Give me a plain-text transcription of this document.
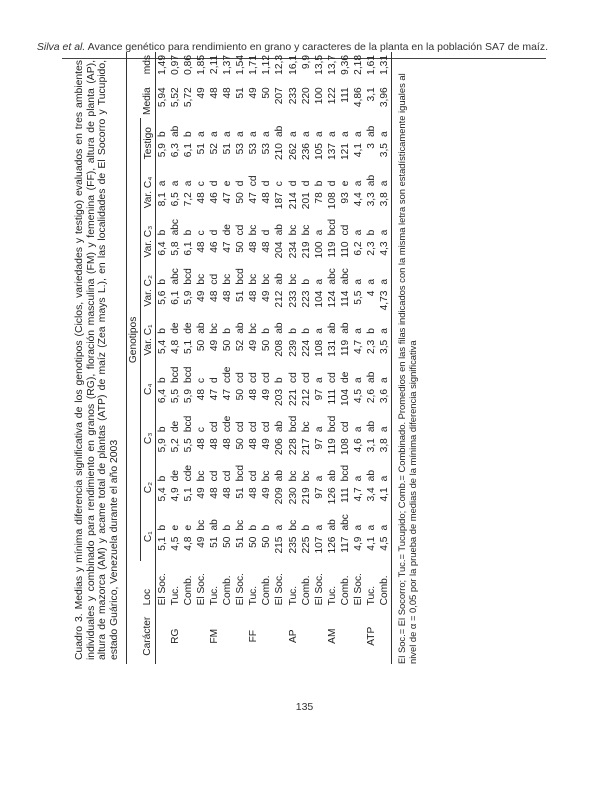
Silva et al. Avance genético para rendimiento en grano y caracteres de la planta en la población SA7 de maíz.

Cuadro 3. Medias y mínima diferencia significativa de los genotipos (Ciclos, variedades y testigo) evaluados en tres ambientes individuales y combinado para rendimiento en granos (RG), floración masculina (FM) y femenina (FF), altura de planta (AP), altura de mazorca (AM) y acame total de plantas (ATP) de maíz (Zea mays L.), en las localidades de El Socorro y Tucupido, estado Guárico, Venezuela durante el año 2003

		Genotipos																			
Carácter	Loc	C₁		C₂		C₃		C₄		Var. C₁		Var. C₂		Var. C₃		Var. C₄		Testigo		Media	mds
	El Soc.	5,1	b	5,4	b	5,9	b	6,4	b	5,4	b	5,6	b	6,4	b	8,1	a	5,9	b	5,94	1,49
RG	Tuc.	4,5	e	4,9	de	5,2	de	5,5	bcd	4,8	de	6,1	abc	5,8	abc	6,5	a	6,3	ab	5,52	0,97
	Comb.	4,8	e	5,1	cde	5,5	bcd	5,9	bcd	5,1	de	5,9	bcd	6,1	b	7,2	a	6,1	b	5,72	0,86
	El Soc.	49	bc	49	bc	48	c	48	c	50	ab	49	bc	48	c	48	c	51	a	49	1,85
FM	Tuc.	51	ab	48	cd	48	cd	47	d	49	bc	48	cd	46	d	46	d	52	a	48	2,11
	Comb.	50	b	48	cd	48	cde	47	cde	50	b	48	bc	47	de	47	e	51	a	48	1,37
	El Soc.	51	bc	51	bcd	50	cd	50	cd	52	ab	51	bcd	50	cd	50	d	53	a	51	1,54
FF	Tuc.	50	b	48	cd	48	cd	48	cd	49	bc	48	bc	48	bc	47	cd	53	a	49	1,71
	Comb.	50	b	49	bc	49	cd	49	cd	50	b	49	bc	48	d	48	d	53	a	50	1,12
	El Soc.	215	a	209	ab	206	ab	203	b	208	ab	212	ab	204	ab	187	c	210	ab	207	12,3
AP	Tuc.	235	bc	230	bc	228	bcd	221	cd	239	b	233	bc	234	bc	214	d	262	a	233	16,1
	Comb.	225	b	219	bc	217	bc	212	cd	224	b	223	b	219	bc	201	d	236	a	220	9,9
	El Soc.	107	a	97	a	97	a	97	a	108	a	104	a	100	a	78	b	105	a	100	13,5
AM	Tuc.	126	ab	126	ab	119	bcd	111	cd	131	ab	124	abc	119	bcd	108	d	137	a	122	13,7
	Comb.	117	abc	111	bcd	108	cd	104	de	119	ab	114	abc	110	cd	93	e	121	a	111	9,36
	El Soc.	4,9	a	4,7	a	4,6	a	4,5	a	4,7	a	5,5	a	6,2	a	4,4	a	4,1	a	4,86	2,18
ATP	Tuc.	4,1	a	3,4	ab	3,1	ab	2,6	ab	2,3	b	4	a	2,3	b	3,3	ab	3	ab	3,1	1,61
	Comb.	4,5	a	4,1	a	3,8	a	3,6	a	3,5	a	4,73	a	4,3	a	3,8	a	3,5	a	3,96	1,31

El Soc.= El Socorro; Tuc.= Tucupido; Comb.= Combinado. Promedios en las filas indicados con la misma letra son estadísticamente iguales al nivel de α = 0,05 por la prueba de medias de la mínima diferencia significativa

135
